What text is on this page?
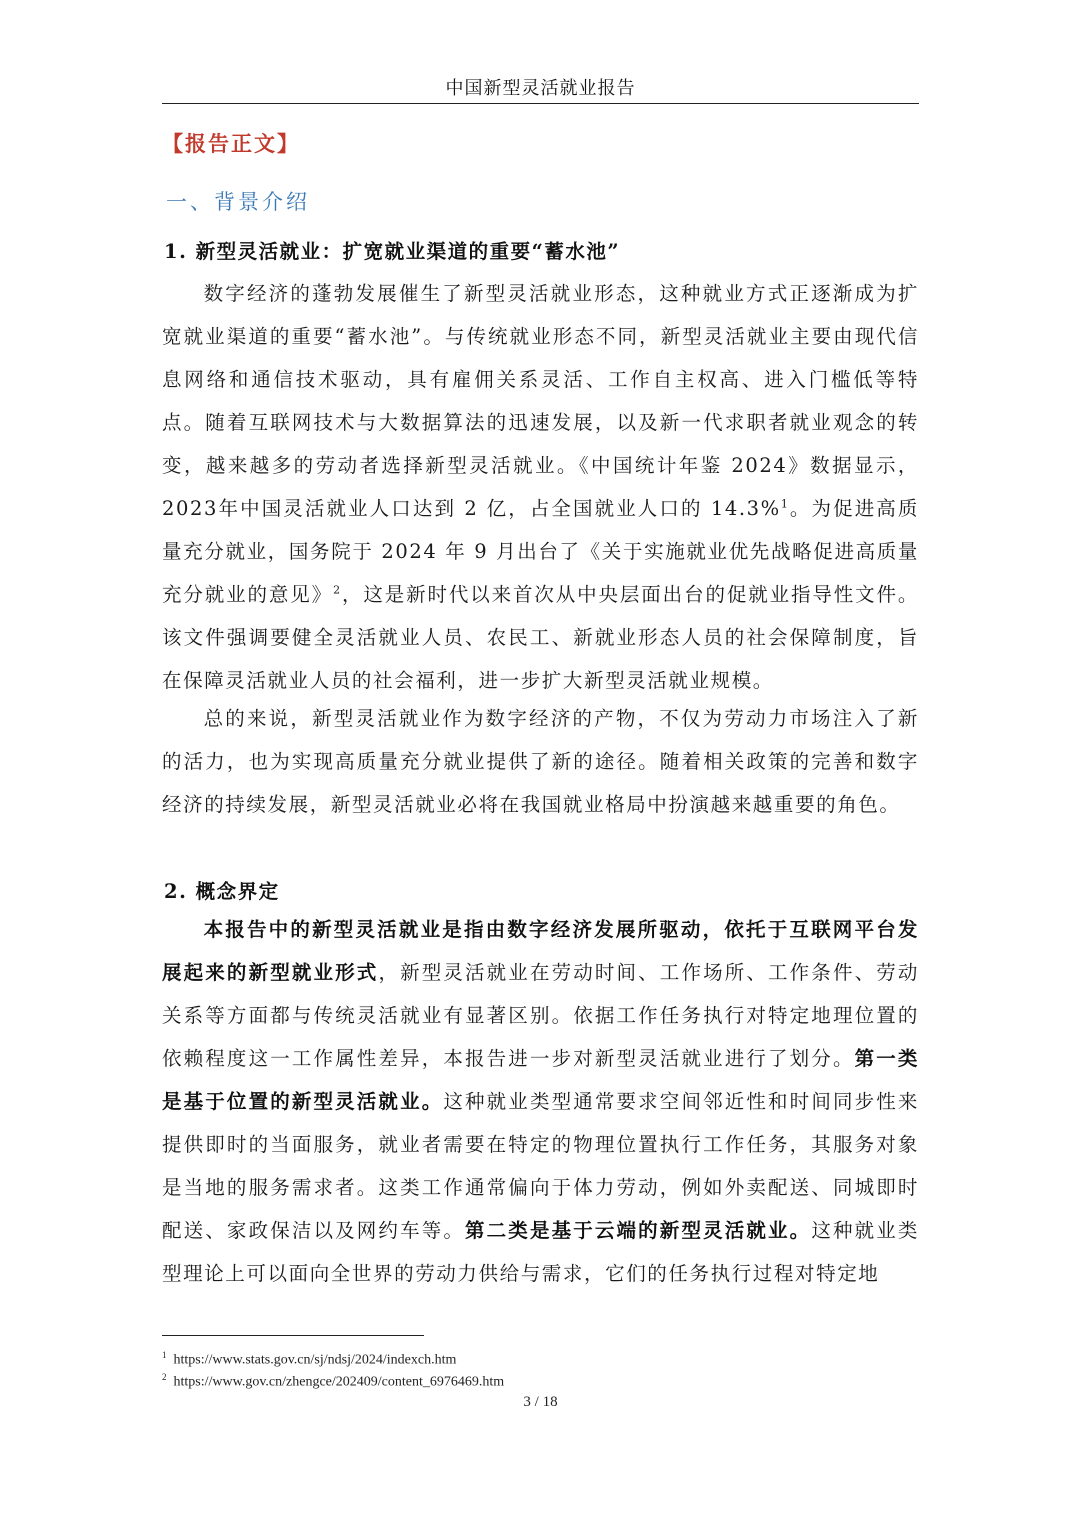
中国新型灵活就业报告
【报告正文】
一、背景介绍
1. 新型灵活就业：扩宽就业渠道的重要“蓄水池”

数字经济的蓬勃发展催生了新型灵活就业形态，这种就业方式正逐渐成为扩宽就业渠道的重要“蓄水池”。与传统就业形态不同，新型灵活就业主要由现代信息网络和通信技术驱动，具有雇佣关系灵活、工作自主权高、进入门槛低等特点。随着互联网技术与大数据算法的迅速发展，以及新一代求职者就业观念的转变，越来越多的劳动者选择新型灵活就业。《中国统计年鉴 2024》数据显示，2023年中国灵活就业人口达到 2 亿，占全国就业人口的 14.3%$^1$。为促进高质量充分就业，国务院于 2024 年 9 月出台了《关于实施就业优先战略促进高质量充分就业的意见》$^2$，这是新时代以来首次从中央层面出台的促就业指导性文件。该文件强调要健全灵活就业人员、农民工、新就业形态人员的社会保障制度，旨在保障灵活就业人员的社会福利，进一步扩大新型灵活就业规模。

总的来说，新型灵活就业作为数字经济的产物，不仅为劳动力市场注入了新的活力，也为实现高质量充分就业提供了新的途径。随着相关政策的完善和数字经济的持续发展，新型灵活就业必将在我国就业格局中扮演越来越重要的角色。

2. 概念界定

本报告中的新型灵活就业是指由数字经济发展所驱动，依托于互联网平台发展起来的新型就业形式，新型灵活就业在劳动时间、工作场所、工作条件、劳动关系等方面都与传统灵活就业有显著区别。依据工作任务执行对特定地理位置的依赖程度这一工作属性差异，本报告进一步对新型灵活就业进行了划分。第一类是基于位置的新型灵活就业。这种就业类型通常要求空间邻近性和时间同步性来提供即时的当面服务，就业者需要在特定的物理位置执行工作任务，其服务对象是当地的服务需求者。这类工作通常偏向于体力劳动，例如外卖配送、同城即时配送、家政保洁以及网约车等。第二类是基于云端的新型灵活就业。这种就业类型理论上可以面向全世界的劳动力供给与需求，它们的任务执行过程对特定地

$^1$ https://www.stats.gov.cn/sj/ndsj/2024/indexch.htm
$^2$ https://www.gov.cn/zhengce/202409/content_6976469.htm
3 / 18
